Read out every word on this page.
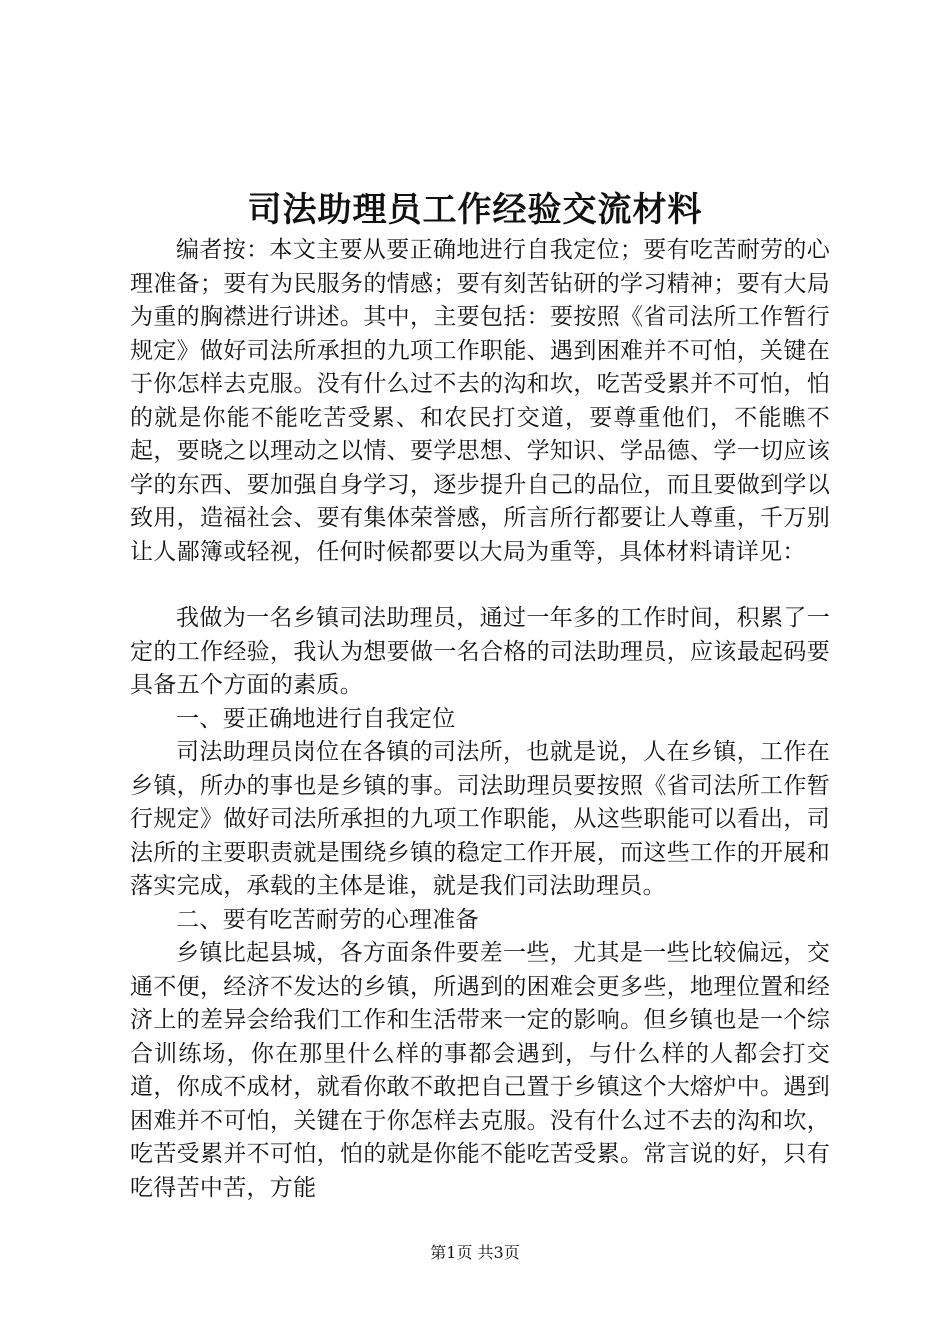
司法助理员工作经验交流材料

编者按：本文主要从要正确地进行自我定位；要有吃苦耐劳的心理准备；要有为民服务的情感；要有刻苦钻研的学习精神；要有大局为重的胸襟进行讲述。其中，主要包括：要按照《省司法所工作暂行规定》做好司法所承担的九项工作职能、遇到困难并不可怕，关键在于你怎样去克服。没有什么过不去的沟和坎，吃苦受累并不可怕，怕的就是你能不能吃苦受累、和农民打交道，要尊重他们，不能瞧不起，要晓之以理动之以情、要学思想、学知识、学品德、学一切应该学的东西、要加强自身学习，逐步提升自己的品位，而且要做到学以致用，造福社会、要有集体荣誉感，所言所行都要让人尊重，千万别让人鄙簿或轻视，任何时候都要以大局为重等，具体材料请详见：

我做为一名乡镇司法助理员，通过一年多的工作时间，积累了一定的工作经验，我认为想要做一名合格的司法助理员，应该最起码要具备五个方面的素质。

一、要正确地进行自我定位

司法助理员岗位在各镇的司法所，也就是说，人在乡镇，工作在乡镇，所办的事也是乡镇的事。司法助理员要按照《省司法所工作暂行规定》做好司法所承担的九项工作职能，从这些职能可以看出，司法所的主要职责就是围绕乡镇的稳定工作开展，而这些工作的开展和落实完成，承载的主体是谁，就是我们司法助理员。

二、要有吃苦耐劳的心理准备

乡镇比起县城，各方面条件要差一些，尤其是一些比较偏远，交通不便，经济不发达的乡镇，所遇到的困难会更多些，地理位置和经济上的差异会给我们工作和生活带来一定的影响。但乡镇也是一个综合训练场，你在那里什么样的事都会遇到，与什么样的人都会打交道，你成不成材，就看你敢不敢把自己置于乡镇这个大熔炉中。遇到困难并不可怕，关键在于你怎样去克服。没有什么过不去的沟和坎，吃苦受累并不可怕，怕的就是你能不能吃苦受累。常言说的好，只有吃得苦中苦，方能

第1页 共3页
